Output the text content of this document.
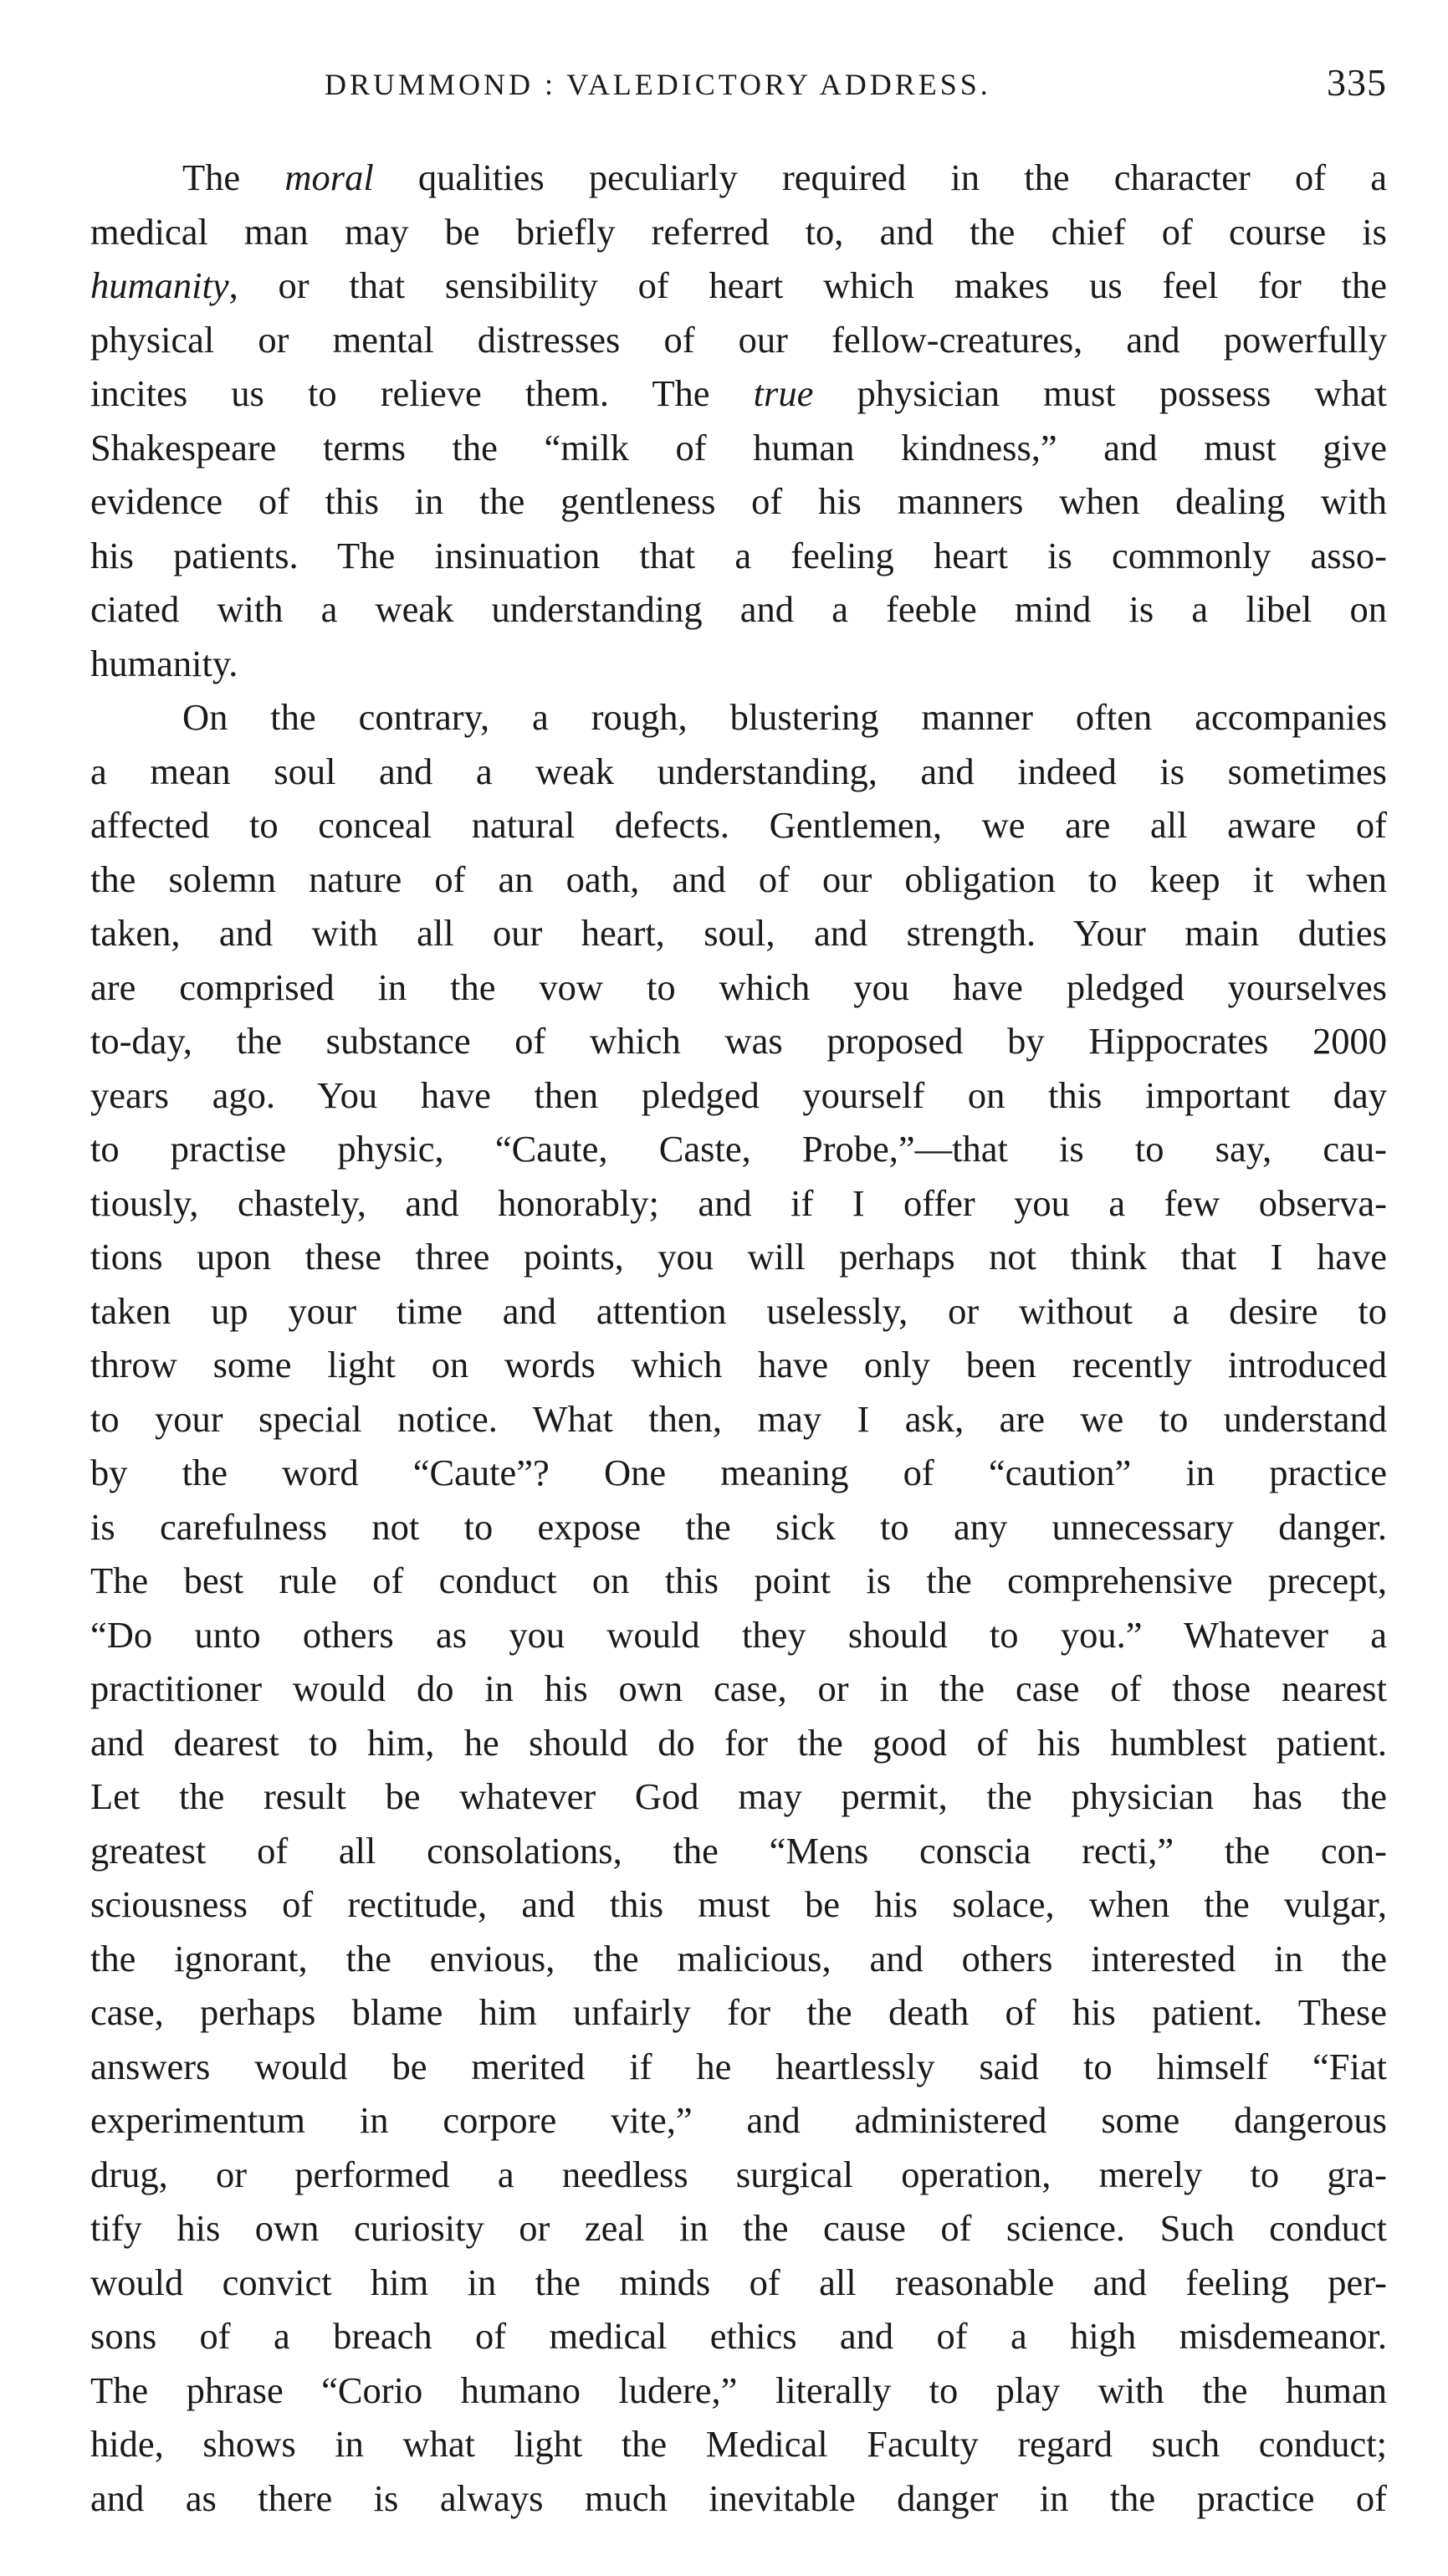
DRUMMOND : VALEDICTORY ADDRESS.	335
The moral qualities peculiarly required in the character of a
medical man may be briefly referred to, and the chief of course is
humanity, or that sensibility of heart which makes us feel for the
physical or mental distresses of our fellow-creatures, and powerfully
incites us to relieve them. The true physician must possess what
Shakespeare terms the “milk of human kindness,” and must give
evidence of this in the gentleness of his manners when dealing with
his patients. The insinuation that a feeling heart is commonly asso-
ciated with a weak understanding and a feeble mind is a libel on
humanity.
On the contrary, a rough, blustering manner often accompanies
a mean soul and a weak understanding, and indeed is sometimes
affected to conceal natural defects. Gentlemen, we are all aware of
the solemn nature of an oath, and of our obligation to keep it when
taken, and with all our heart, soul, and strength. Your main duties
are comprised in the vow to which you have pledged yourselves
to-day, the substance of which was proposed by Hippocrates 2000
years ago. You have then pledged yourself on this important day
to practise physic, “Caute, Caste, Probe,”—that is to say, cau-
tiously, chastely, and honorably; and if I offer you a few observa-
tions upon these three points, you will perhaps not think that I have
taken up your time and attention uselessly, or without a desire to
throw some light on words which have only been recently introduced
to your special notice. What then, may I ask, are we to understand
by the word “Caute”? One meaning of “caution” in practice
is carefulness not to expose the sick to any unnecessary danger.
The best rule of conduct on this point is the comprehensive precept,
“Do unto others as you would they should to you.” Whatever a
practitioner would do in his own case, or in the case of those nearest
and dearest to him, he should do for the good of his humblest patient.
Let the result be whatever God may permit, the physician has the
greatest of all consolations, the “Mens conscia recti,” the con-
sciousness of rectitude, and this must be his solace, when the vulgar,
the ignorant, the envious, the malicious, and others interested in the
case, perhaps blame him unfairly for the death of his patient. These
answers would be merited if he heartlessly said to himself “Fiat
experimentum in corpore vite,” and administered some dangerous
drug, or performed a needless surgical operation, merely to gra-
tify his own curiosity or zeal in the cause of science. Such conduct
would convict him in the minds of all reasonable and feeling per-
sons of a breach of medical ethics and of a high misdemeanor.
The phrase “Corio humano ludere,” literally to play with the human
hide, shows in what light the Medical Faculty regard such conduct;
and as there is always much inevitable danger in the practice of
